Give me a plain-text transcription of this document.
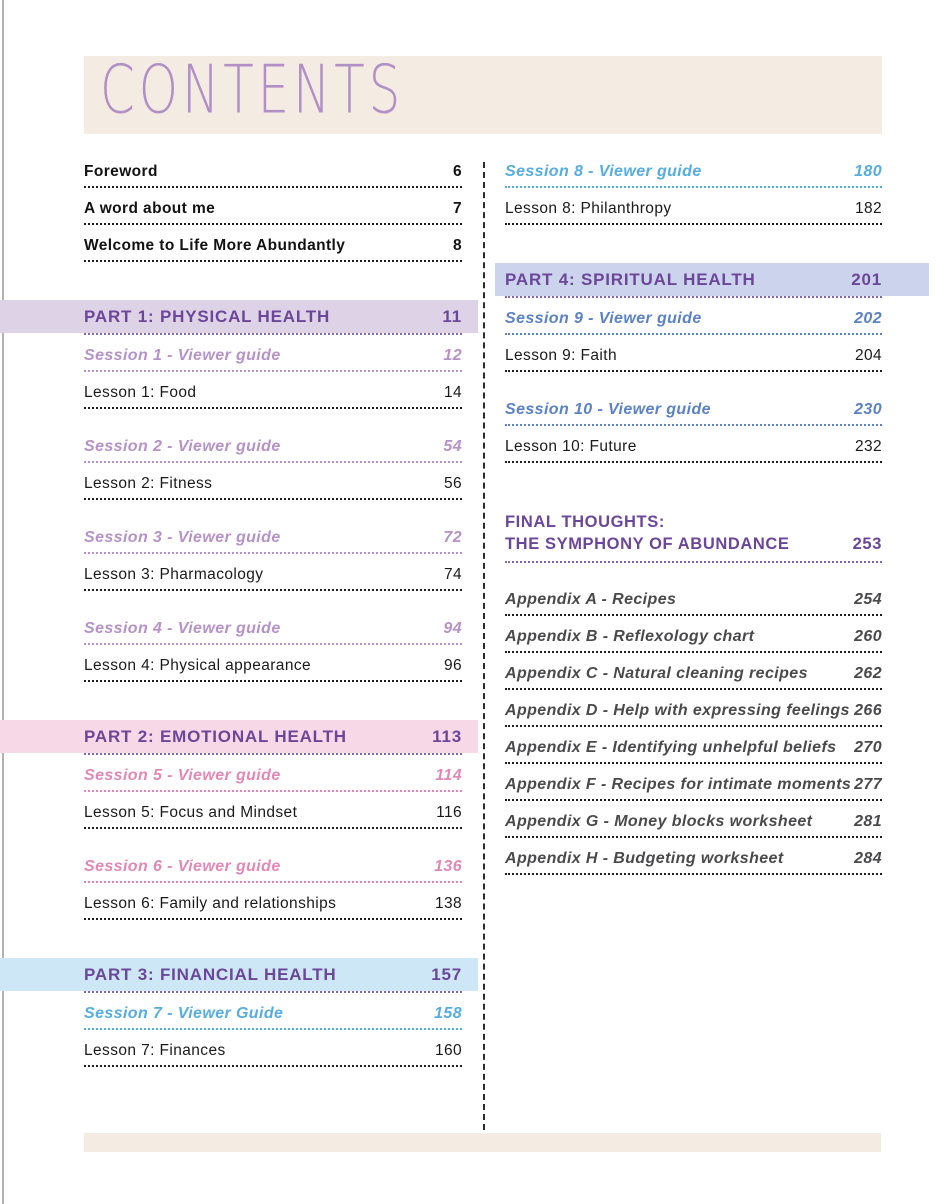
CONTENTS
Foreword	6
A word about me	7
Welcome to Life More Abundantly	8
PART 1: PHYSICAL HEALTH	11
Session 1 - Viewer guide	12
Lesson 1: Food	14
Session 2 - Viewer guide	54
Lesson 2: Fitness	56
Session 3 - Viewer guide	72
Lesson 3: Pharmacology	74
Session 4 - Viewer guide	94
Lesson 4: Physical appearance	96
PART 2: EMOTIONAL HEALTH	113
Session 5 - Viewer guide	114
Lesson 5: Focus and Mindset	116
Session 6 - Viewer guide	136
Lesson 6: Family and relationships	138
PART 3: FINANCIAL HEALTH	157
Session 7 - Viewer Guide	158
Lesson 7: Finances	160
Session 8 - Viewer guide	180
Lesson 8: Philanthropy	182
PART 4: SPIRITUAL HEALTH	201
Session 9 - Viewer guide	202
Lesson 9: Faith	204
Session 10 - Viewer guide	230
Lesson 10: Future	232
FINAL THOUGHTS:
THE SYMPHONY OF ABUNDANCE	253
Appendix A - Recipes	254
Appendix B - Reflexology chart	260
Appendix C - Natural cleaning recipes	262
Appendix D - Help with expressing feelings 266
Appendix E - Identifying unhelpful beliefs 270
Appendix F - Recipes for intimate moments 277
Appendix G - Money blocks worksheet	281
Appendix H - Budgeting worksheet	284
